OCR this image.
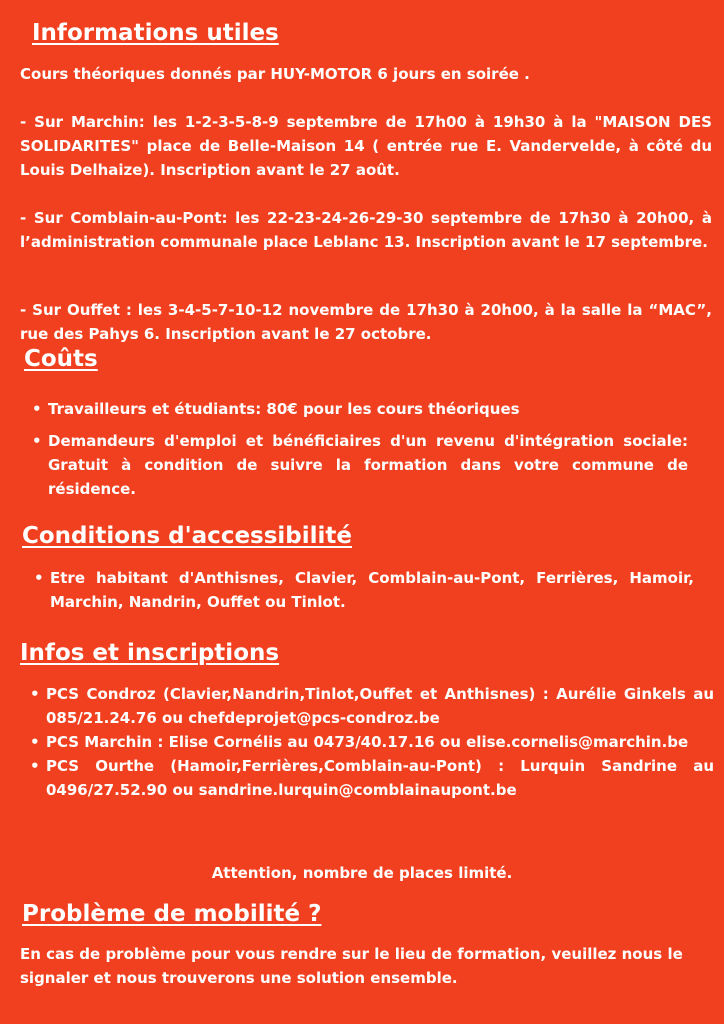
Informations utiles

Cours théoriques donnés par HUY-MOTOR 6 jours en soirée .

- Sur Marchin: les 1-2-3-5-8-9 septembre de 17h00 à 19h30 à la "MAISON DES SOLIDARITES" place de Belle-Maison 14 ( entrée rue E. Vandervelde, à côté du Louis Delhaize). Inscription avant le 27 août.

- Sur Comblain-au-Pont: les 22-23-24-26-29-30 septembre de 17h30 à 20h00, à l’administration communale place Leblanc 13. Inscription avant le 17 septembre.

- Sur Ouffet : les 3-4-5-7-10-12 novembre de 17h30 à 20h00, à la salle la “MAC”, rue des Pahys 6. Inscription avant le 27 octobre.

Coûts
• Travailleurs et étudiants: 80€ pour les cours théoriques
• Demandeurs d'emploi et bénéficiaires d'un revenu d'intégration sociale: Gratuit à condition de suivre la formation dans votre commune de résidence.
Conditions d'accessibilité
• Etre habitant d'Anthisnes, Clavier, Comblain-au-Pont, Ferrières, Hamoir, Marchin, Nandrin, Ouffet ou Tinlot.
Infos et inscriptions
• PCS Condroz (Clavier,Nandrin,Tinlot,Ouffet et Anthisnes) : Aurélie Ginkels au 085/21.24.76 ou chefdeprojet@pcs-condroz.be
• PCS Marchin : Elise Cornélis au 0473/40.17.16 ou elise.cornelis@marchin.be
• PCS Ourthe (Hamoir,Ferrières,Comblain-au-Pont) : Lurquin Sandrine au 0496/27.52.90 ou sandrine.lurquin@comblainaupont.be

Attention, nombre de places limité.

Problème de mobilité ?

En cas de problème pour vous rendre sur le lieu de formation, veuillez nous le signaler et nous trouverons une solution ensemble.
